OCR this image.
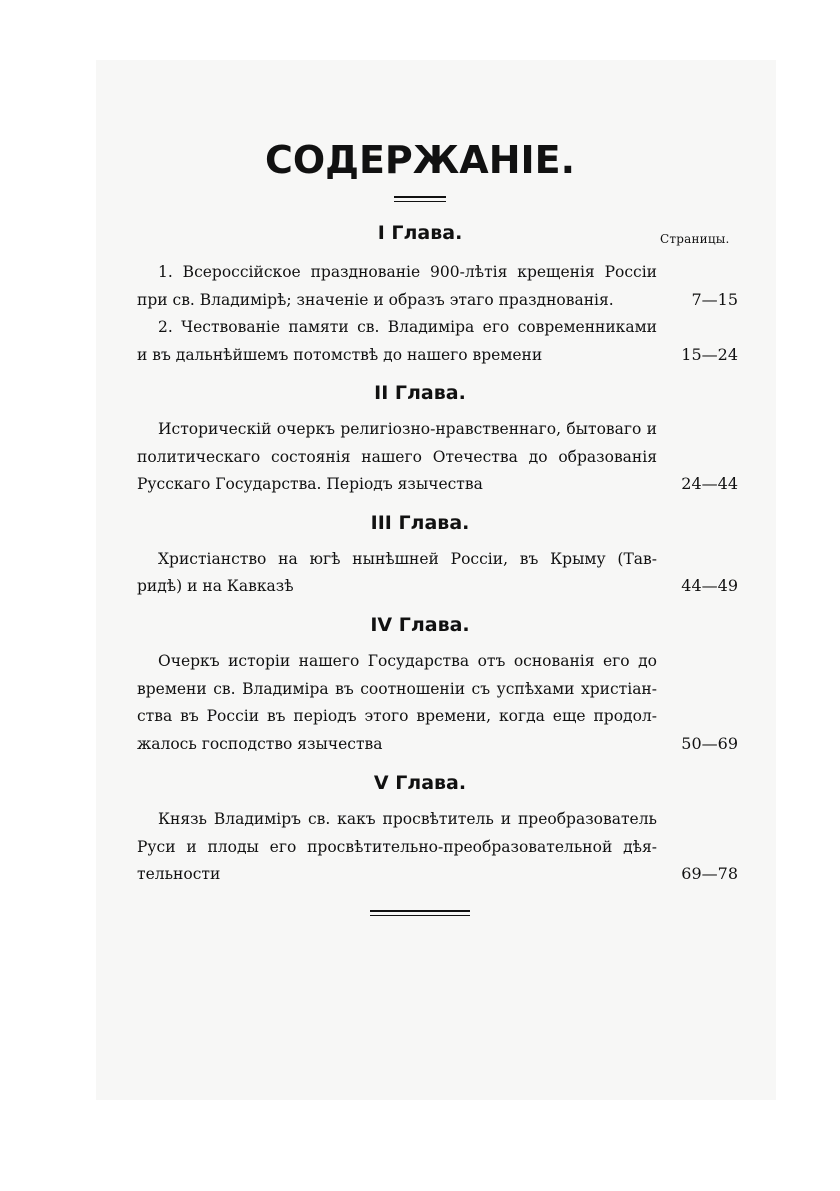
СОДЕРЖАНІЕ.
Страницы.
I Глава.
1. Всероссійское празднованіе 900-лѣтія крещенія Россіи
при св. Владимірѣ; значеніе и образъ этаго празднованія.	7—15
2. Чествованіе памяти св. Владиміра его современниками
и въ дальнѣйшемъ потомствѣ до нашего времени	15—24
II Глава.
Историческій очеркъ религіозно-нравственнаго, бытоваго и
политическаго состоянія нашего Отечества до образованія
Русскаго Государства. Періодъ язычества	24—44
III Глава.
Христіанство на югѣ нынѣшней Россіи, въ Крыму (Тав-
ридѣ) и на Кавказѣ	44—49
IV Глава.
Очеркъ исторіи нашего Государства отъ основанія его до
времени св. Владиміра въ соотношеніи съ успѣхами христіан-
ства въ Россіи въ періодъ этого времени, когда еще продол-
жалось господство язычества	50—69
V Глава.
Князь Владиміръ св. какъ просвѣтитель и преобразователь
Руси и плоды его просвѣтительно-преобразовательной дѣя-
тельности	69—78
